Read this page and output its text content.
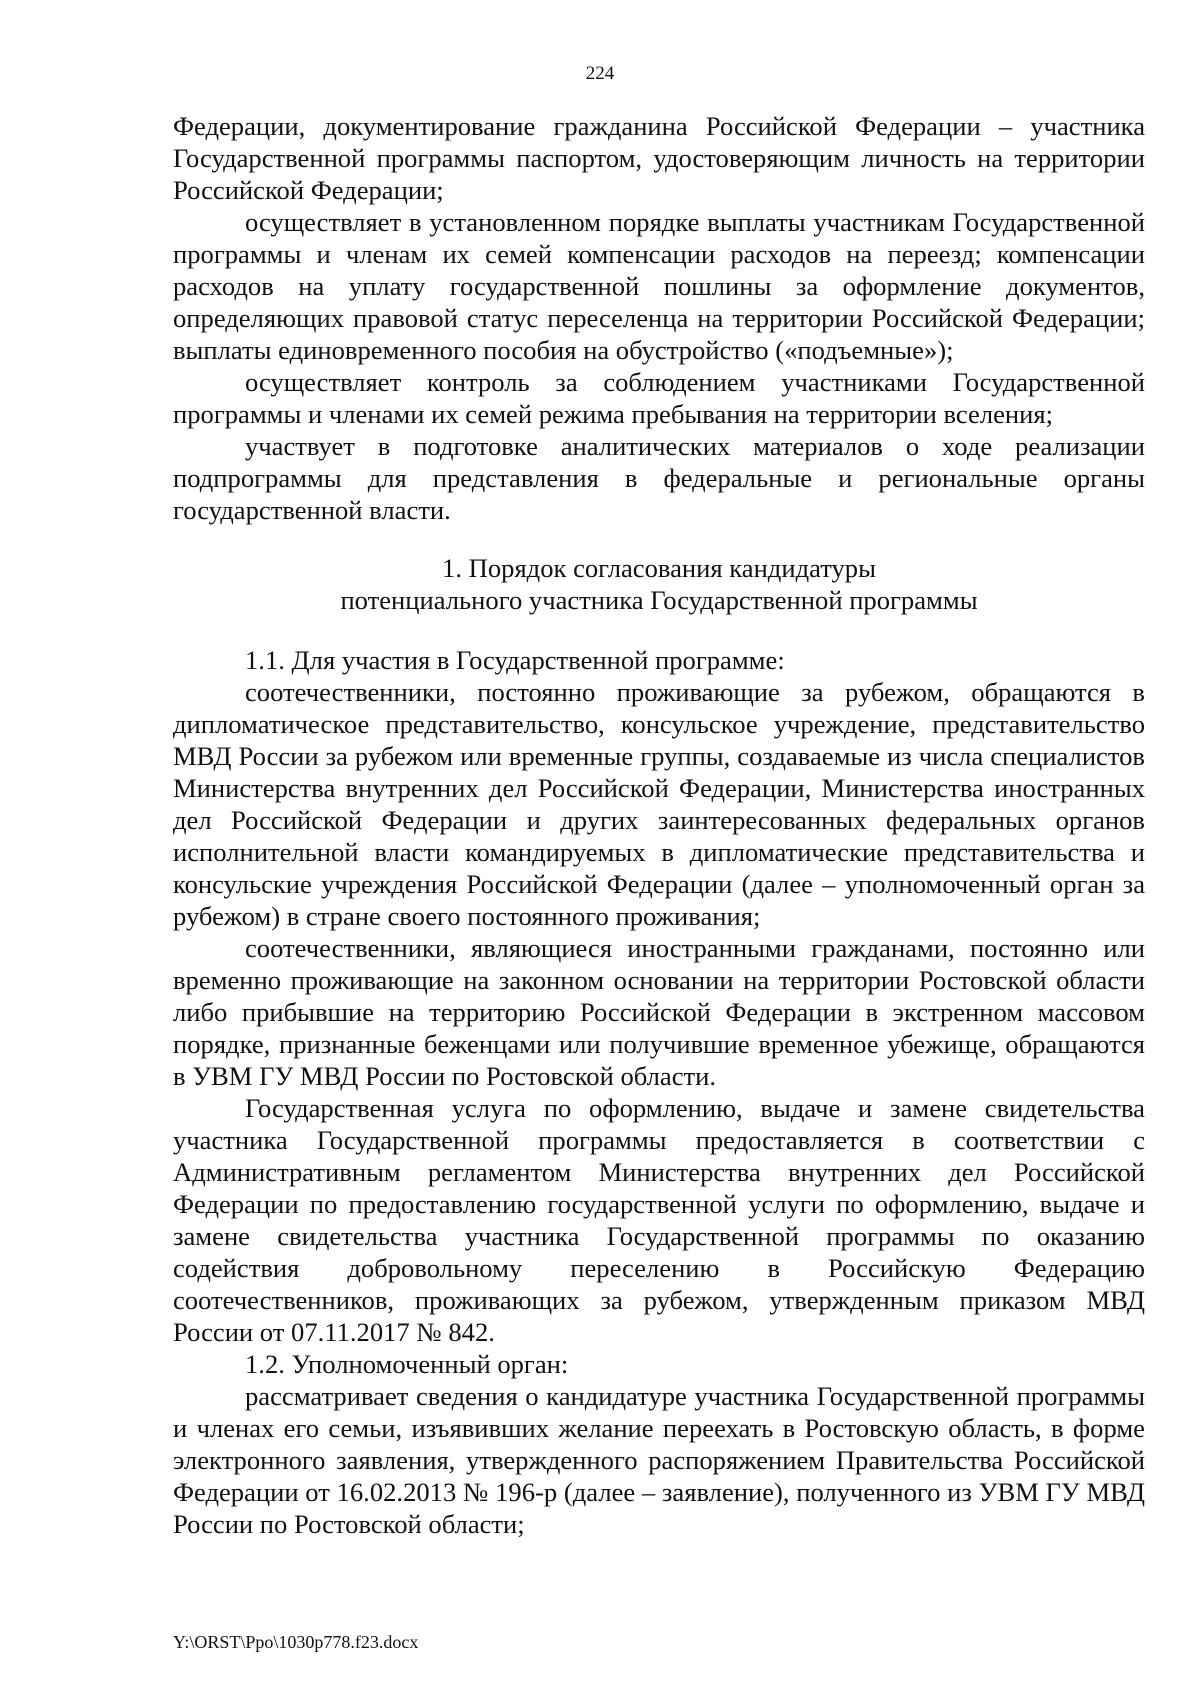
224

Федерации, документирование гражданина Российской Федерации – участника Государственной программы паспортом, удостоверяющим личность на территории Российской Федерации;

осуществляет в установленном порядке выплаты участникам Государственной программы и членам их семей компенсации расходов на переезд; компенсации расходов на уплату государственной пошлины за оформление документов, определяющих правовой статус переселенца на территории Российской Федерации; выплаты единовременного пособия на обустройство («подъемные»);

осуществляет контроль за соблюдением участниками Государственной программы и членами их семей режима пребывания на территории вселения;

участвует в подготовке аналитических материалов о ходе реализации подпрограммы для представления в федеральные и региональные органы государственной власти.

1. Порядок согласования кандидатуры
потенциального участника Государственной программы

1.1. Для участия в Государственной программе:

соотечественники, постоянно проживающие за рубежом, обращаются в дипломатическое представительство, консульское учреждение, представительство МВД России за рубежом или временные группы, создаваемые из числа специалистов Министерства внутренних дел Российской Федерации, Министерства иностранных дел Российской Федерации и других заинтересованных федеральных органов исполнительной власти командируемых в дипломатические представительства и консульские учреждения Российской Федерации (далее – уполномоченный орган за рубежом) в стране своего постоянного проживания;

соотечественники, являющиеся иностранными гражданами, постоянно или временно проживающие на законном основании на территории Ростовской области либо прибывшие на территорию Российской Федерации в экстренном массовом порядке, признанные беженцами или получившие временное убежище, обращаются в УВМ ГУ МВД России по Ростовской области.

Государственная услуга по оформлению, выдаче и замене свидетельства участника Государственной программы предоставляется в соответствии с Административным регламентом Министерства внутренних дел Российской Федерации по предоставлению государственной услуги по оформлению, выдаче и замене свидетельства участника Государственной программы по оказанию содействия добровольному переселению в Российскую Федерацию соотечественников, проживающих за рубежом, утвержденным приказом МВД России от 07.11.2017 № 842.

1.2. Уполномоченный орган:

рассматривает сведения о кандидатуре участника Государственной программы и членах его семьи, изъявивших желание переехать в Ростовскую область, в форме электронного заявления, утвержденного распоряжением Правительства Российской Федерации от 16.02.2013 № 196-р (далее – заявление), полученного из УВМ ГУ МВД России по Ростовской области;

Y:\ORST\Ppo\1030p778.f23.docx
